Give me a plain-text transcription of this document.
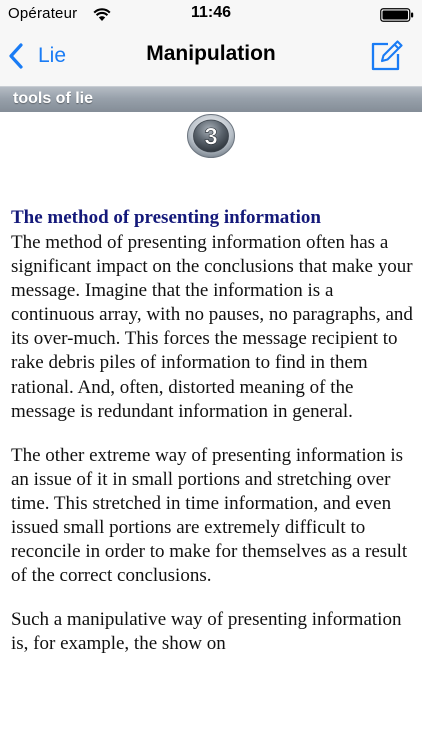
Opérateur	11:46
Lie	Manipulation
tools of lie
3
The method of presenting information

The method of presenting information often has a significant impact on the conclusions that make your message. Imagine that the information is a continuous array, with no pauses, no paragraphs, and its over-much. This forces the message recipient to rake debris piles of information to find in them rational. And, often, distorted meaning of the message is redundant information in general.

The other extreme way of presenting information is an issue of it in small portions and stretching over time. This stretched in time information, and even issued small portions are extremely difficult to reconcile in order to make for themselves as a result of the correct conclusions.

Such a manipulative way of presenting information is, for example, the show on
